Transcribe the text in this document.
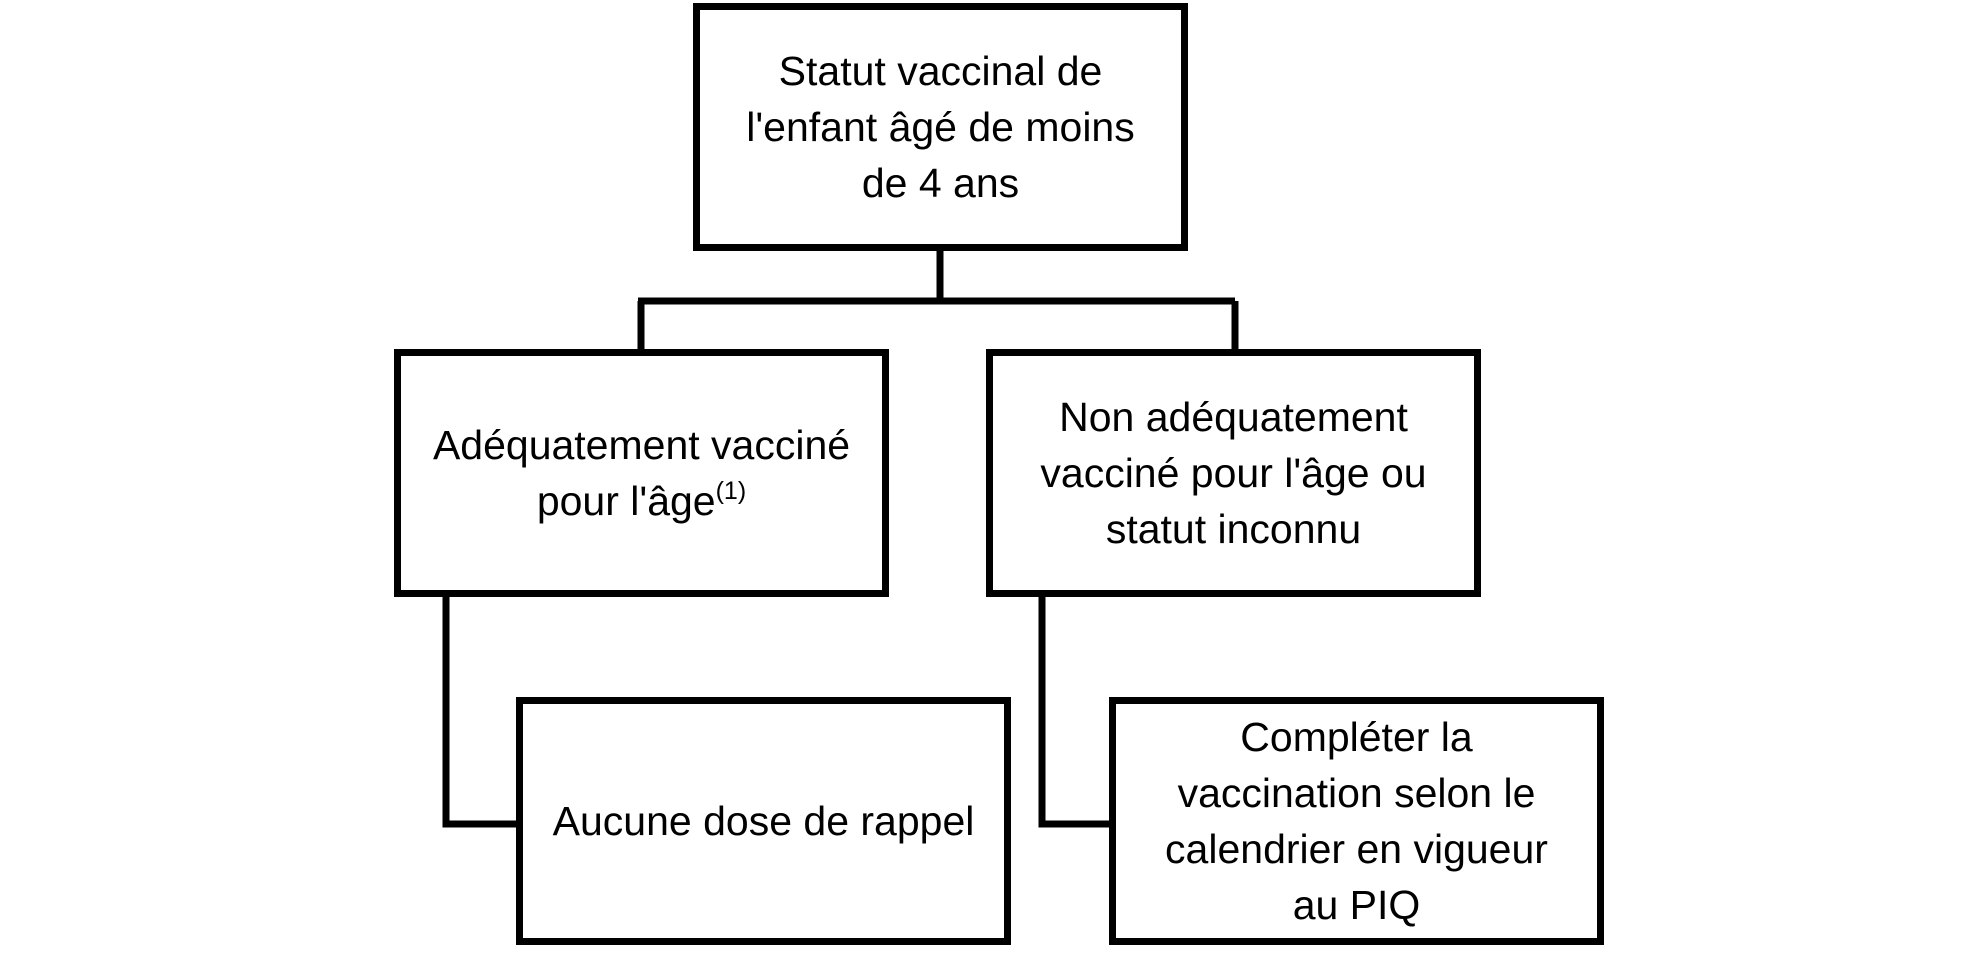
Statut vaccinal de
l'enfant âgé de moins
de 4 ans
Adéquatement vacciné
pour l'âge$^{(1)}$
Non adéquatement
vacciné pour l'âge ou
statut inconnu
Aucune dose de rappel
Compléter la
vaccination selon le
calendrier en vigueur
au PIQ
